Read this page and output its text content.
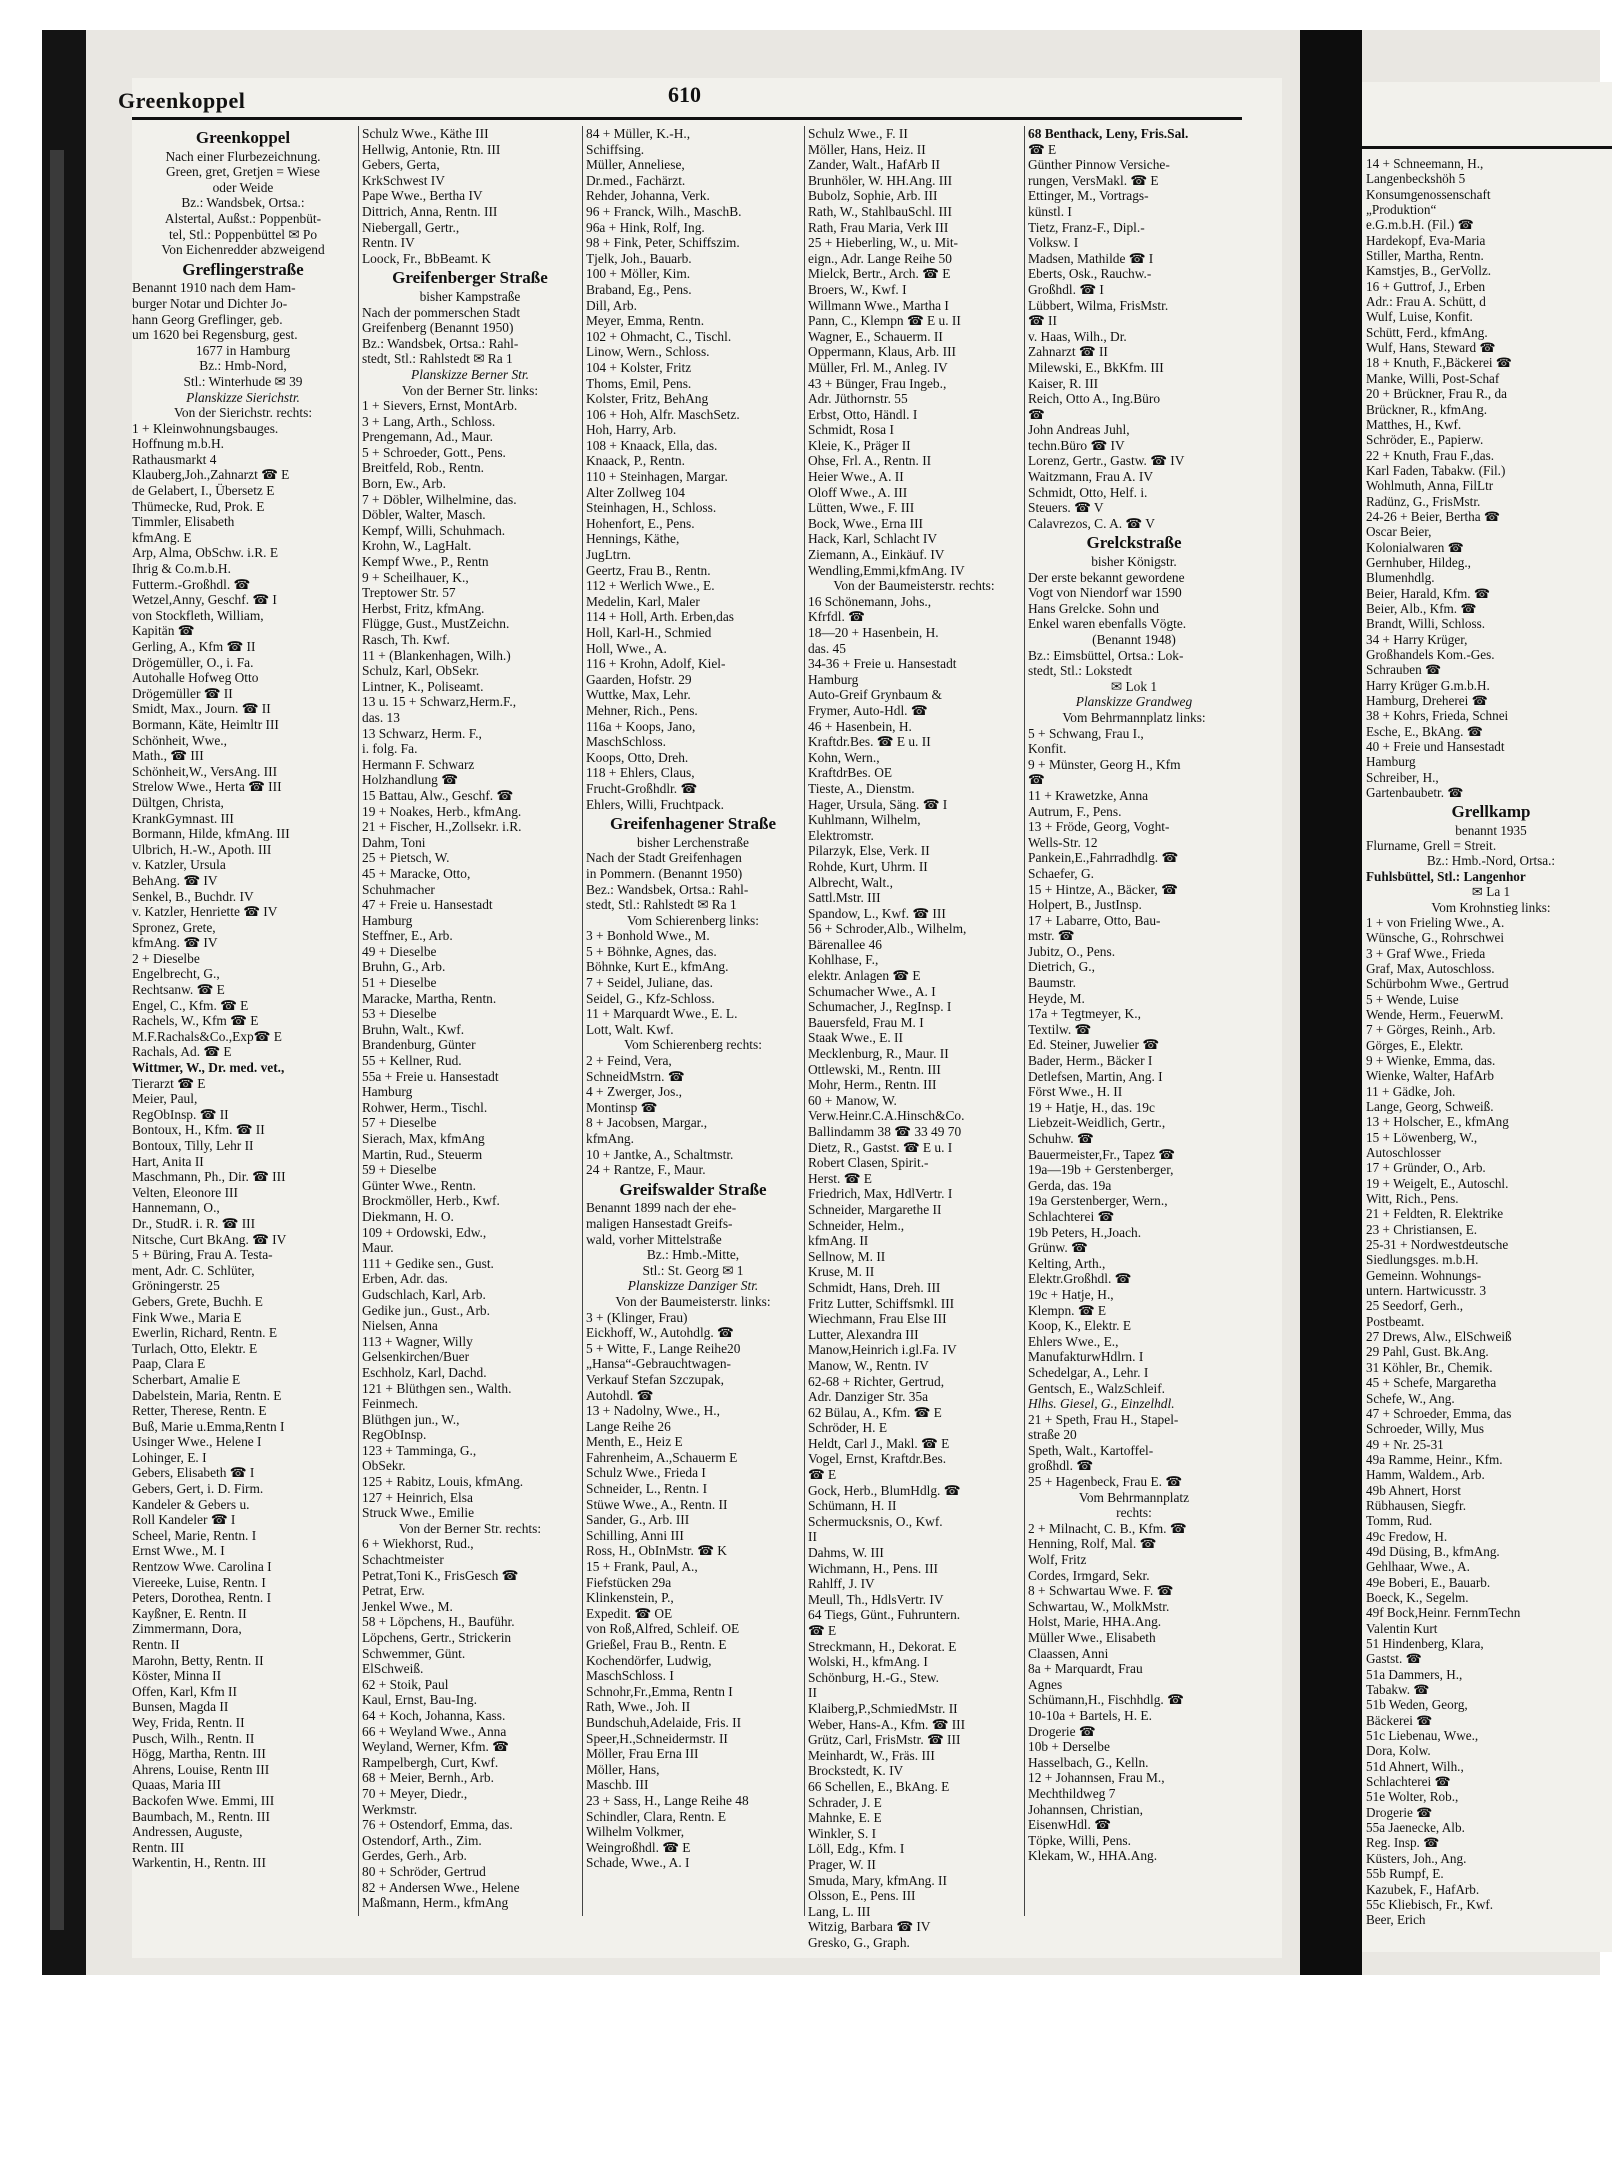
14 + Schneemann, H.,
Langenbeckshöh 5
Konsumgenossenschaft
„Produktion“
e.G.m.b.H. (Fil.) ☎
Hardekopf, Eva-Maria
Stiller, Martha, Rentn.
Kamstjes, B., GerVollz.
16 + Guttrof, J., Erben
Adr.: Frau A. Schütt, d
Wulf, Luise, Konfit.
Schütt, Ferd., kfmAng.
Wulf, Hans, Steward ☎
18 + Knuth, F.,Bäckerei ☎
Manke, Willi, Post-Schaf
20 + Brückner, Frau R., da
Brückner, R., kfmAng.
Matthes, H., Kwf.
Schröder, E., Papierw.
22 + Knuth, Frau F.,das.
Karl Faden, Tabakw. (Fil.)
Wohlmuth, Anna, FilLtr
Radünz, G., FrisMstr.
24-26 + Beier, Bertha ☎
Oscar Beier,
Kolonialwaren ☎
Gernhuber, Hildeg.,
Blumenhdlg.
Beier, Harald, Kfm. ☎
Beier, Alb., Kfm. ☎
Brandt, Willi, Schloss.
34 + Harry Krüger,
Großhandels Kom.-Ges.
Schrauben ☎
Harry Krüger G.m.b.H.
Hamburg, Dreherei ☎
38 + Kohrs, Frieda, Schnei
Esche, E., BkAng. ☎
40 + Freie und Hansestadt
Hamburg
Schreiber, H.,
Gartenbaubetr. ☎
Grellkamp
benannt 1935
Flurname, Grell = Streit.
Bz.: Hmb.-Nord, Ortsa.:
Fuhlsbüttel, Stl.: Langenhor
✉ La 1
Vom Krohnstieg links:
1 + von Frieling Wwe., A.
Wünsche, G., Rohrschwei
3 + Graf Wwe., Frieda
Graf, Max, Autoschloss.
Schürbohm Wwe., Gertrud
5 + Wende, Luise
Wende, Herm., FeuerwM.
7 + Görges, Reinh., Arb.
Görges, E., Elektr.
9 + Wienke, Emma, das.
Wienke, Walter, HafArb
11 + Gädke, Joh.
Lange, Georg, Schweiß.
13 + Holscher, E., kfmAng
15 + Löwenberg, W.,
Autoschlosser
17 + Gründer, O., Arb.
19 + Weigelt, E., Autoschl.
Witt, Rich., Pens.
21 + Feldten, R. Elektrike
23 + Christiansen, E.
25-31 + Nordwestdeutsche
Siedlungsges. m.b.H.
Gemeinn. Wohnungs-
untern. Hartwicusstr. 3
25 Seedorf, Gerh.,
Postbeamt.
27 Drews, Alw., ElSchweiß
29 Pahl, Gust. Bk.Ang.
31 Köhler, Br., Chemik.
45 + Schefe, Margaretha
Schefe, W., Ang.
47 + Schroeder, Emma, das
Schroeder, Willy, Mus
49 + Nr. 25-31
49a Ramme, Heinr., Kfm.
Hamm, Waldem., Arb.
49b Ahnert, Horst
Rübhausen, Siegfr.
Tomm, Rud.
49c Fredow, H.
49d Düsing, B., kfmAng.
Gehlhaar, Wwe., A.
49e Boberi, E., Bauarb.
Boeck, K., Segelm.
49f Bock,Heinr. FernmTechn
Valentin Kurt
51 Hindenberg, Klara,
Gastst. ☎
51a Dammers, H.,
Tabakw. ☎
51b Weden, Georg,
Bäckerei ☎
51c Liebenau, Wwe.,
Dora, Kolw.
51d Ahnert, Wilh.,
Schlachterei ☎
51e Wolter, Rob.,
Drogerie ☎
55a Jaenecke, Alb.
Reg. Insp. ☎
Küsters, Joh., Ang.
55b Rumpf, E.
Kazubek, F., HafArb.
55c Kliebisch, Fr., Kwf.
Beer, Erich
Greenkoppel	610
Greenkoppel
Nach einer Flurbezeichnung.
Green, gret, Gretjen = Wiese
oder Weide
Bz.: Wandsbek, Ortsa.:
Alstertal, Außst.: Poppenbüt-
tel, Stl.: Poppenbüttel ✉ Po
Von Eichenredder abzweigend
Greflingerstraße
Benannt 1910 nach dem Ham-
burger Notar und Dichter Jo-
hann Georg Greflinger, geb.
um 1620 bei Regensburg, gest.
1677 in Hamburg
Bz.: Hmb-Nord,
Stl.: Winterhude ✉ 39
Planskizze Sierichstr.
Von der Sierichstr. rechts:
1 + Kleinwohnungsbauges.
Hoffnung m.b.H.
Rathausmarkt 4
Klauberg,Joh.,Zahnarzt ☎ E
de Gelabert, I., Übersetz E
Thümecke, Rud, Prok. E
Timmler, Elisabeth
kfmAng. E
Arp, Alma, ObSchw. i.R. E
Ihrig & Co.m.b.H.
Futterm.-Großhdl. ☎
Wetzel,Anny, Geschf. ☎ I
von Stockfleth, William,
Kapitän ☎
Gerling, A., Kfm ☎ II
Drögemüller, O., i. Fa.
Autohalle Hofweg Otto
Drögemüller ☎ II
Smidt, Max., Journ. ☎ II
Bormann, Käte, Heimltr III
Schönheit, Wwe.,
Math., ☎ III
Schönheit,W., VersAng. III
Strelow Wwe., Herta ☎ III
Dültgen, Christa,
KrankGymnast. III
Bormann, Hilde, kfmAng. III
Ulbrich, H.-W., Apoth. III
v. Katzler, Ursula
BehAng. ☎ IV
Senkel, B., Buchdr. IV
v. Katzler, Henriette ☎ IV
Spronez, Grete,
kfmAng. ☎ IV
2 + Dieselbe
Engelbrecht, G.,
Rechtsanw. ☎ E
Engel, C., Kfm. ☎ E
Rachels, W., Kfm ☎ E
M.F.Rachals&Co.,Exp☎ E
Rachals, Ad. ☎ E
Wittmer, W., Dr. med. vet.,
Tierarzt ☎ E
Meier, Paul,
RegObInsp. ☎ II
Bontoux, H., Kfm. ☎ II
Bontoux, Tilly, Lehr II
Hart, Anita II
Maschmann, Ph., Dir. ☎ III
Velten, Eleonore III
Hannemann, O.,
Dr., StudR. i. R. ☎ III
Nitsche, Curt BkAng. ☎ IV
5 + Büring, Frau A. Testa-
ment, Adr. C. Schlüter,
Gröningerstr. 25
Gebers, Grete, Buchh. E
Fink Wwe., Maria E
Ewerlin, Richard, Rentn. E
Turlach, Otto, Elektr. E
Paap, Clara E
Scherbart, Amalie E
Dabelstein, Maria, Rentn. E
Retter, Therese, Rentn. E
Buß, Marie u.Emma,Rentn I
Usinger Wwe., Helene I
Lohinger, E. I
Gebers, Elisabeth ☎ I
Gebers, Gert, i. D. Firm.
Kandeler & Gebers u.
Roll Kandeler ☎ I
Scheel, Marie, Rentn. I
Ernst Wwe., M. I
Rentzow Wwe. Carolina I
Viereeke, Luise, Rentn. I
Peters, Dorothea, Rentn. I
Kayßner, E. Rentn. II
Zimmermann, Dora,
Rentn. II
Marohn, Betty, Rentn. II
Köster, Minna II
Offen, Karl, Kfm II
Bunsen, Magda II
Wey, Frida, Rentn. II
Pusch, Wilh., Rentn. II
Högg, Martha, Rentn. III
Ahrens, Louise, Rentn III
Quaas, Maria III
Backofen Wwe. Emmi, III
Baumbach, M., Rentn. III
Andressen, Auguste,
Rentn. III
Warkentin, H., Rentn. III
Schulz Wwe., Käthe III
Hellwig, Antonie, Rtn. III
Gebers, Gerta,
KrkSchwest IV
Pape Wwe., Bertha IV
Dittrich, Anna, Rentn. III
Niebergall, Gertr.,
Rentn. IV
Loock, Fr., BbBeamt. K
Greifenberger Straße
bisher Kampstraße
Nach der pommerschen Stadt
Greifenberg (Benannt 1950)
Bz.: Wandsbek, Ortsa.: Rahl-
stedt, Stl.: Rahlstedt ✉ Ra 1
Planskizze Berner Str.
Von der Berner Str. links:
1 + Sievers, Ernst, MontArb.
3 + Lang, Arth., Schloss.
Prengemann, Ad., Maur.
5 + Schroeder, Gott., Pens.
Breitfeld, Rob., Rentn.
Born, Ew., Arb.
7 + Döbler, Wilhelmine, das.
Döbler, Walter, Masch.
Kempf, Willi, Schuhmach.
Krohn, W., LagHalt.
Kempf Wwe., P., Rentn
9 + Scheilhauer, K.,
Treptower Str. 57
Herbst, Fritz, kfmAng.
Flügge, Gust., MustZeichn.
Rasch, Th. Kwf.
11 + (Blankenhagen, Wilh.)
Schulz, Karl, ObSekr.
Lintner, K., Poliseamt.
13 u. 15 + Schwarz,Herm.F.,
das. 13
13 Schwarz, Herm. F.,
i. folg. Fa.
Hermann F. Schwarz
Holzhandlung ☎
15 Battau, Alw., Geschf. ☎
19 + Noakes, Herb., kfmAng.
21 + Fischer, H.,Zollsekr. i.R.
Dahm, Toni
25 + Pietsch, W.
45 + Maracke, Otto,
Schuhmacher
47 + Freie u. Hansestadt
Hamburg
Steffner, E., Arb.
49 + Dieselbe
Bruhn, G., Arb.
51 + Dieselbe
Maracke, Martha, Rentn.
53 + Dieselbe
Bruhn, Walt., Kwf.
Brandenburg, Günter
55 + Kellner, Rud.
55a + Freie u. Hansestadt
Hamburg
Rohwer, Herm., Tischl.
57 + Dieselbe
Sierach, Max, kfmAng
Martin, Rud., Steuerm
59 + Dieselbe
Günter Wwe., Rentn.
Brockmöller, Herb., Kwf.
Diekmann, H. O.
109 + Ordowski, Edw.,
Maur.
111 + Gedike sen., Gust.
Erben, Adr. das.
Gudschlach, Karl, Arb.
Gedike jun., Gust., Arb.
Nielsen, Anna
113 + Wagner, Willy
Gelsenkirchen/Buer
Eschholz, Karl, Dachd.
121 + Blüthgen sen., Walth.
Feinmech.
Blüthgen jun., W.,
RegObInsp.
123 + Tamminga, G.,
ObSekr.
125 + Rabitz, Louis, kfmAng.
127 + Heinrich, Elsa
Struck Wwe., Emilie
Von der Berner Str. rechts:
6 + Wiekhorst, Rud.,
Schachtmeister
Petrat,Toni K., FrisGesch ☎
Petrat, Erw.
Jenkel Wwe., M.
58 + Löpchens, H., Bauführ.
Löpchens, Gertr., Strickerin
Schwemmer, Günt.
ElSchweiß.
62 + Stoik, Paul
Kaul, Ernst, Bau-Ing.
64 + Koch, Johanna, Kass.
66 + Weyland Wwe., Anna
Weyland, Werner, Kfm. ☎
Rampelbergh, Curt, Kwf.
68 + Meier, Bernh., Arb.
70 + Meyer, Diedr.,
Werkmstr.
76 + Ostendorf, Emma, das.
Ostendorf, Arth., Zim.
Gerdes, Gerh., Arb.
80 + Schröder, Gertrud
82 + Andersen Wwe., Helene
Maßmann, Herm., kfmAng
84 + Müller, K.-H.,
Schiffsing.
Müller, Anneliese,
Dr.med., Fachärzt.
Rehder, Johanna, Verk.
96 + Franck, Wilh., MaschB.
96a + Hink, Rolf, Ing.
98 + Fink, Peter, Schiffszim.
Tjelk, Joh., Bauarb.
100 + Möller, Kim.
Braband, Eg., Pens.
Dill, Arb.
Meyer, Emma, Rentn.
102 + Ohmacht, C., Tischl.
Linow, Wern., Schloss.
104 + Kolster, Fritz
Thoms, Emil, Pens.
Kolster, Fritz, BehAng
106 + Hoh, Alfr. MaschSetz.
Hoh, Harry, Arb.
108 + Knaack, Ella, das.
Knaack, P., Rentn.
110 + Steinhagen, Margar.
Alter Zollweg 104
Steinhagen, H., Schloss.
Hohenfort, E., Pens.
Hennings, Käthe,
JugLtrn.
Geertz, Frau B., Rentn.
112 + Werlich Wwe., E.
Medelin, Karl, Maler
114 + Holl, Arth. Erben,das
Holl, Karl-H., Schmied
Holl, Wwe., A.
116 + Krohn, Adolf, Kiel-
Gaarden, Hofstr. 29
Wuttke, Max, Lehr.
Mehner, Rich., Pens.
116a + Koops, Jano,
MaschSchloss.
Koops, Otto, Dreh.
118 + Ehlers, Claus,
Frucht-Großhdlr. ☎
Ehlers, Willi, Fruchtpack.
Greifenhagener Straße
bisher Lerchenstraße
Nach der Stadt Greifenhagen
in Pommern. (Benannt 1950)
Bez.: Wandsbek, Ortsa.: Rahl-
stedt, Stl.: Rahlstedt ✉ Ra 1
Vom Schierenberg links:
3 + Bonhold Wwe., M.
5 + Böhnke, Agnes, das.
Böhnke, Kurt E., kfmAng.
7 + Seidel, Juliane, das.
Seidel, G., Kfz-Schloss.
11 + Marquardt Wwe., E. L.
Lott, Walt. Kwf.
Vom Schierenberg rechts:
2 + Feind, Vera,
SchneidMstrn. ☎
4 + Zwerger, Jos.,
Montinsp ☎
8 + Jacobsen, Margar.,
kfmAng.
10 + Jantke, A., Schaltmstr.
24 + Rantze, F., Maur.
Greifswalder Straße
Benannt 1899 nach der ehe-
maligen Hansestadt Greifs-
wald, vorher Mittelstraße
Bz.: Hmb.-Mitte,
Stl.: St. Georg ✉ 1
Planskizze Danziger Str.
Von der Baumeisterstr. links:
3 + (Klinger, Frau)
Eickhoff, W., Autohdlg. ☎
5 + Witte, F., Lange Reihe20
„Hansa“-Gebrauchtwagen-
Verkauf Stefan Szczupak,
Autohdl. ☎
13 + Nadolny, Wwe., H.,
Lange Reihe 26
Menth, E., Heiz E
Fahrenheim, A.,Schauerm E
Schulz Wwe., Frieda I
Schneider, L., Rentn. I
Stüwe Wwe., A., Rentn. II
Sander, G., Arb. III
Schilling, Anni III
Ross, H., ObInMstr. ☎ K
15 + Frank, Paul, A.,
Fiefstücken 29a
Klinkenstein, P.,
Expedit. ☎ OE
von Roß,Alfred, Schleif. OE
Grießel, Frau B., Rentn. E
Kochendörfer, Ludwig,
MaschSchloss. I
Schnohr,Fr.,Emma, Rentn I
Rath, Wwe., Joh. II
Bundschuh,Adelaide, Fris. II
Speer,H.,Schneidermstr. II
Möller, Frau Erna III
Möller, Hans,
Maschb. III
23 + Sass, H., Lange Reihe 48
Schindler, Clara, Rentn. E
Wilhelm Volkmer,
Weingroßhdl. ☎ E
Schade, Wwe., A. I
Schulz Wwe., F. II
Möller, Hans, Heiz. II
Zander, Walt., HafArb II
Brunhöler, W. HH.Ang. III
Bubolz, Sophie, Arb. III
Rath, W., StahlbauSchl. III
Rath, Frau Maria, Verk III
25 + Hieberling, W., u. Mit-
eign., Adr. Lange Reihe 50
Mielck, Bertr., Arch. ☎ E
Broers, W., Kwf. I
Willmann Wwe., Martha I
Pann, C., Klempn ☎ E u. II
Wagner, E., Schauerm. II
Oppermann, Klaus, Arb. III
Müller, Frl. M., Anleg. IV
43 + Bünger, Frau Ingeb.,
Adr. Jüthornstr. 55
Erbst, Otto, Händl. I
Schmidt, Rosa I
Kleie, K., Präger II
Ohse, Frl. A., Rentn. II
Heier Wwe., A. II
Oloff Wwe., A. III
Lütten, Wwe., F. III
Bock, Wwe., Erna III
Hack, Karl, Schlacht IV
Ziemann, A., Einkäuf. IV
Wendling,Emmi,kfmAng. IV
Von der Baumeisterstr. rechts:
16 Schönemann, Johs.,
Kfrfdl. ☎
18—20 + Hasenbein, H.
das. 45
34-36 + Freie u. Hansestadt
Hamburg
Auto-Greif Grynbaum &
Frymer, Auto-Hdl. ☎
46 + Hasenbein, H.
Kraftdr.Bes. ☎ E u. II
Kohn, Wern.,
KraftdrBes. OE
Tieste, A., Dienstm.
Hager, Ursula, Säng. ☎ I
Kuhlmann, Wilhelm,
Elektromstr.
Pilarzyk, Else, Verk. II
Rohde, Kurt, Uhrm. II
Albrecht, Walt.,
Sattl.Mstr. III
Spandow, L., Kwf. ☎ III
56 + Schroder,Alb., Wilhelm,
Bärenallee 46
Kohlhase, F.,
elektr. Anlagen ☎ E
Schumacher Wwe., A. I
Schumacher, J., RegInsp. I
Bauersfeld, Frau M. I
Staak Wwe., E. II
Mecklenburg, R., Maur. II
Ottlewski, M., Rentn. III
Mohr, Herm., Rentn. III
60 + Manow, W.
Verw.Heinr.C.A.Hinsch&Co.
Ballindamm 38 ☎ 33 49 70
Dietz, R., Gastst. ☎ E u. I
Robert Clasen, Spirit.-
Herst. ☎ E
Friedrich, Max, HdlVertr. I
Schneider, Margarethe II
Schneider, Helm.,
kfmAng. II
Sellnow, M. II
Kruse, M. II
Schmidt, Hans, Dreh. III
Fritz Lutter, Schiffsmkl. III
Wiechmann, Frau Else III
Lutter, Alexandra III
Manow,Heinrich i.gl.Fa. IV
Manow, W., Rentn. IV
62-68 + Richter, Gertrud,
Adr. Danziger Str. 35a
62 Bülau, A., Kfm. ☎ E
Schröder, H. E
Heldt, Carl J., Makl. ☎ E
Vogel, Ernst, Kraftdr.Bes.
☎ E
Gock, Herb., BlumHdlg. ☎
Schümann, H. II
Schermucksnis, O., Kwf.
II
Dahms, W. III
Wichmann, H., Pens. III
Rahlff, J. IV
Meull, Th., HdlsVertr. IV
64 Tiegs, Günt., Fuhruntern.
☎ E
Streckmann, H., Dekorat. E
Wolski, H., kfmAng. I
Schönburg, H.-G., Stew.
II
Klaiberg,P.,SchmiedMstr. II
Weber, Hans-A., Kfm. ☎ III
Grütz, Carl, FrisMstr. ☎ III
Meinhardt, W., Fräs. III
Brockstedt, K. IV
66 Schellen, E., BkAng. E
Schrader, J. E
Mahnke, E. E
Winkler, S. I
Löll, Edg., Kfm. I
Prager, W. II
Smuda, Mary, kfmAng. II
Olsson, E., Pens. III
Lang, L. III
Witzig, Barbara ☎ IV
Gresko, G., Graph.
68 Benthack, Leny, Fris.Sal.
☎ E
Günther Pinnow Versiche-
rungen, VersMakl. ☎ E
Ettinger, M., Vortrags-
künstl. I
Tietz, Franz-F., Dipl.-
Volksw. I
Madsen, Mathilde ☎ I
Eberts, Osk., Rauchw.-
Großhdl. ☎ I
Lübbert, Wilma, FrisMstr.
☎ II
v. Haas, Wilh., Dr.
Zahnarzt ☎ II
Milewski, E., BkKfm. III
Kaiser, R. III
Reich, Otto A., Ing.Büro
☎
John Andreas Juhl,
techn.Büro ☎ IV
Lorenz, Gertr., Gastw. ☎ IV
Waitzmann, Frau A. IV
Schmidt, Otto, Helf. i.
Steuers. ☎ V
Calavrezos, C. A. ☎ V
Grelckstraße
bisher Königstr.
Der erste bekannt gewordene
Vogt von Niendorf war 1590
Hans Grelcke. Sohn und
Enkel waren ebenfalls Vögte.
(Benannt 1948)
Bz.: Eimsbüttel, Ortsa.: Lok-
stedt, Stl.: Lokstedt
✉ Lok 1
Planskizze Grandweg
Vom Behrmannplatz links:
5 + Schwang, Frau I.,
Konfit.
9 + Münster, Georg H., Kfm
☎
11 + Krawetzke, Anna
Autrum, F., Pens.
13 + Fröde, Georg, Voght-
Wells-Str. 12
Pankein,E.,Fahrradhdlg. ☎
Schaefer, G.
15 + Hintze, A., Bäcker, ☎
Holpert, B., JustInsp.
17 + Labarre, Otto, Bau-
mstr. ☎
Jubitz, O., Pens.
Dietrich, G.,
Baumstr.
Heyde, M.
17a + Tegtmeyer, K.,
Textilw. ☎
Ed. Steiner, Juwelier ☎
Bader, Herm., Bäcker I
Detlefsen, Martin, Ang. I
Först Wwe., H. II
19 + Hatje, H., das. 19c
Liebzeit-Weidlich, Gertr.,
Schuhw. ☎
Bauermeister,Fr., Tapez ☎
19a—19b + Gerstenberger,
Gerda, das. 19a
19a Gerstenberger, Wern.,
Schlachterei ☎
19b Peters, H.,Joach.
Grünw. ☎
Kelting, Arth.,
Elektr.Großhdl. ☎
19c + Hatje, H.,
Klempn. ☎ E
Koop, K., Elektr. E
Ehlers Wwe., E.,
ManufakturwHdlrn. I
Schedelgar, A., Lehr. I
Gentsch, E., WalzSchleif.
Hlhs. Giesel, G., Einzelhdl.
21 + Speth, Frau H., Stapel-
straße 20
Speth, Walt., Kartoffel-
großhdl. ☎
25 + Hagenbeck, Frau E. ☎
Vom Behrmannplatz
rechts:
2 + Milnacht, C. B., Kfm. ☎
Henning, Rolf, Mal. ☎
Wolf, Fritz
Cordes, Irmgard, Sekr.
8 + Schwartau Wwe. F. ☎
Schwartau, W., MolkMstr.
Holst, Marie, HHA.Ang.
Müller Wwe., Elisabeth
Claassen, Anni
8a + Marquardt, Frau
Agnes
Schümann,H., Fischhdlg. ☎
10-10a + Bartels, H. E.
Drogerie ☎
10b + Derselbe
Hasselbach, G., Kelln.
12 + Johannsen, Frau M.,
Mechthildweg 7
Johannsen, Christian,
EisenwHdl. ☎
Töpke, Willi, Pens.
Klekam, W., HHA.Ang.
